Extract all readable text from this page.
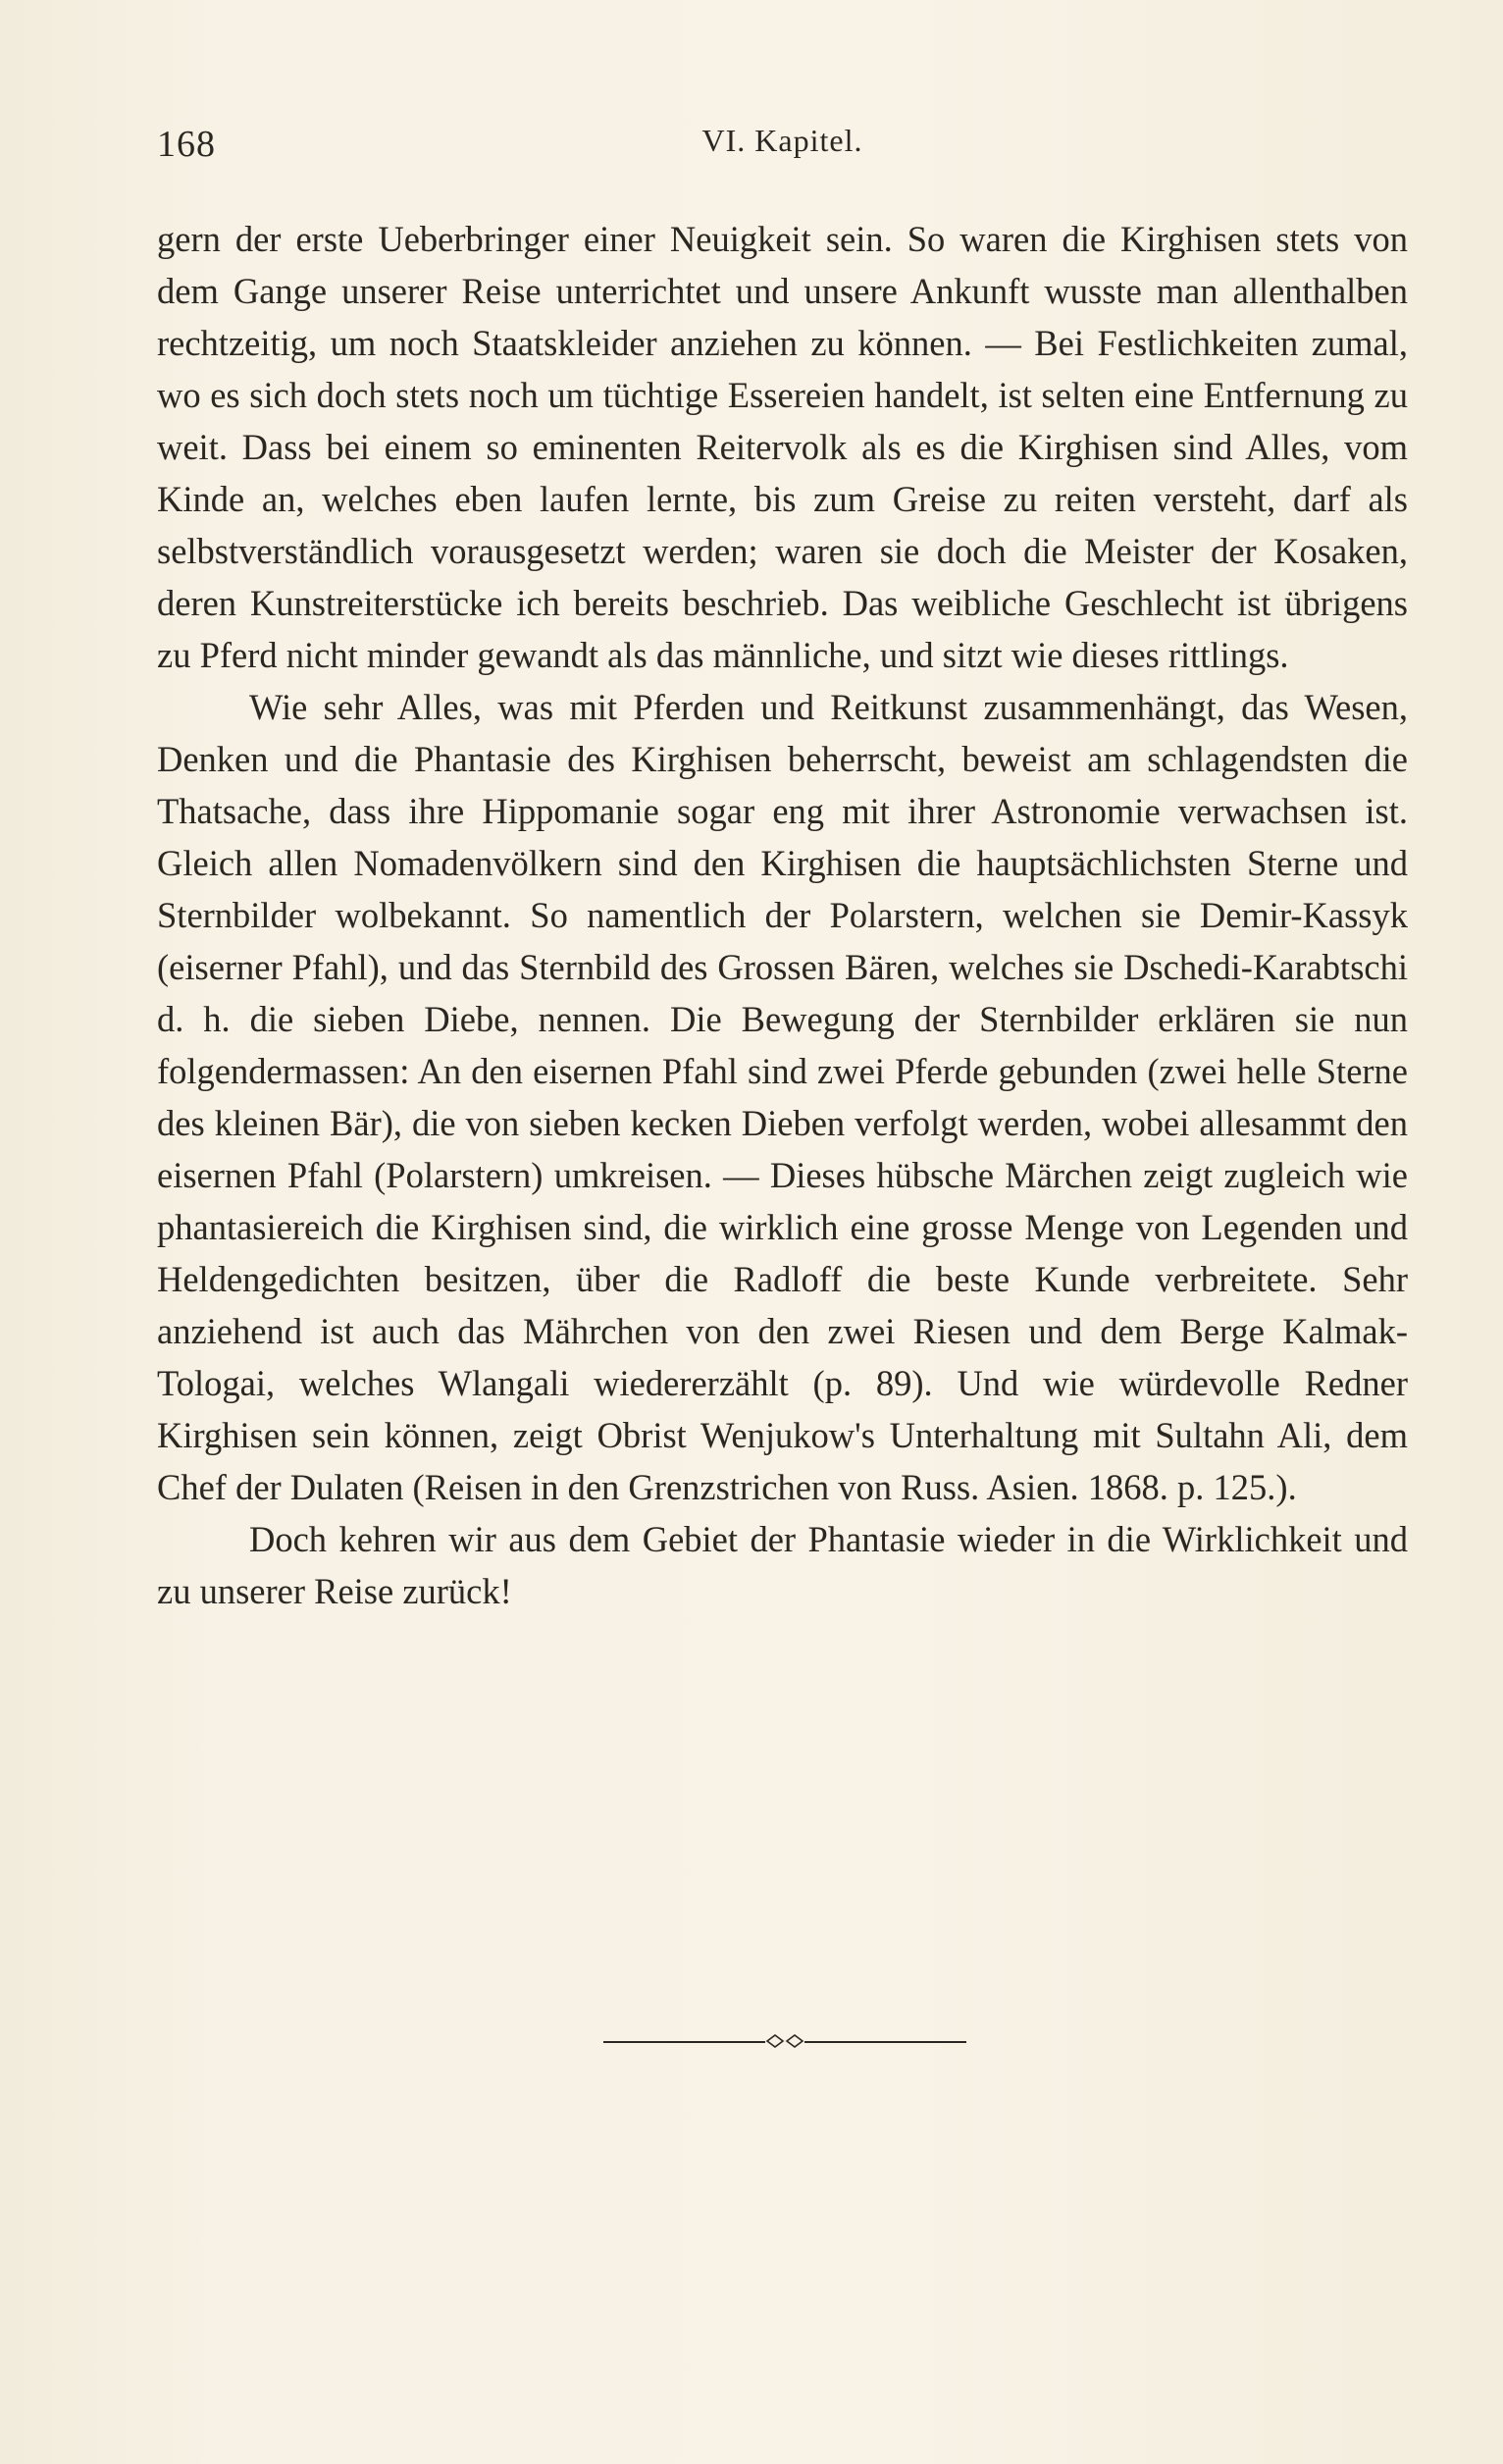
168	VI. Kapitel.

gern der erste Ueberbringer einer Neuigkeit sein. So waren die Kirghisen stets von dem Gange unserer Reise unterrichtet und unsere Ankunft wusste man allenthalben rechtzeitig, um noch Staatskleider anziehen zu können. — Bei Festlichkeiten zumal, wo es sich doch stets noch um tüchtige Essereien handelt, ist selten eine Entfernung zu weit. Dass bei einem so eminenten Reitervolk als es die Kirghisen sind Alles, vom Kinde an, welches eben laufen lernte, bis zum Greise zu reiten versteht, darf als selbstverständlich vorausgesetzt werden; waren sie doch die Meister der Kosaken, deren Kunstreiterstücke ich bereits beschrieb. Das weibliche Geschlecht ist übrigens zu Pferd nicht minder gewandt als das männliche, und sitzt wie dieses rittlings.

Wie sehr Alles, was mit Pferden und Reitkunst zusammenhängt, das Wesen, Denken und die Phantasie des Kirghisen beherrscht, beweist am schlagendsten die Thatsache, dass ihre Hippomanie sogar eng mit ihrer Astronomie verwachsen ist. Gleich allen Nomadenvölkern sind den Kirghisen die hauptsächlichsten Sterne und Sternbilder wolbekannt. So namentlich der Polarstern, welchen sie Demir-Kassyk (eiserner Pfahl), und das Sternbild des Grossen Bären, welches sie Dschedi-Karabtschi d. h. die sieben Diebe, nennen. Die Bewegung der Sternbilder erklären sie nun folgendermassen: An den eisernen Pfahl sind zwei Pferde gebunden (zwei helle Sterne des kleinen Bär), die von sieben kecken Dieben verfolgt werden, wobei allesammt den eisernen Pfahl (Polarstern) umkreisen. — Dieses hübsche Märchen zeigt zugleich wie phantasiereich die Kirghisen sind, die wirklich eine grosse Menge von Legenden und Heldengedichten besitzen, über die Radloff die beste Kunde verbreitete. Sehr anziehend ist auch das Mährchen von den zwei Riesen und dem Berge Kalmak-Tologai, welches Wlangali wiedererzählt (p. 89). Und wie würdevolle Redner Kirghisen sein können, zeigt Obrist Wenjukow's Unterhaltung mit Sultahn Ali, dem Chef der Dulaten (Reisen in den Grenzstrichen von Russ. Asien. 1868. p. 125.).

Doch kehren wir aus dem Gebiet der Phantasie wieder in die Wirklichkeit und zu unserer Reise zurück!
